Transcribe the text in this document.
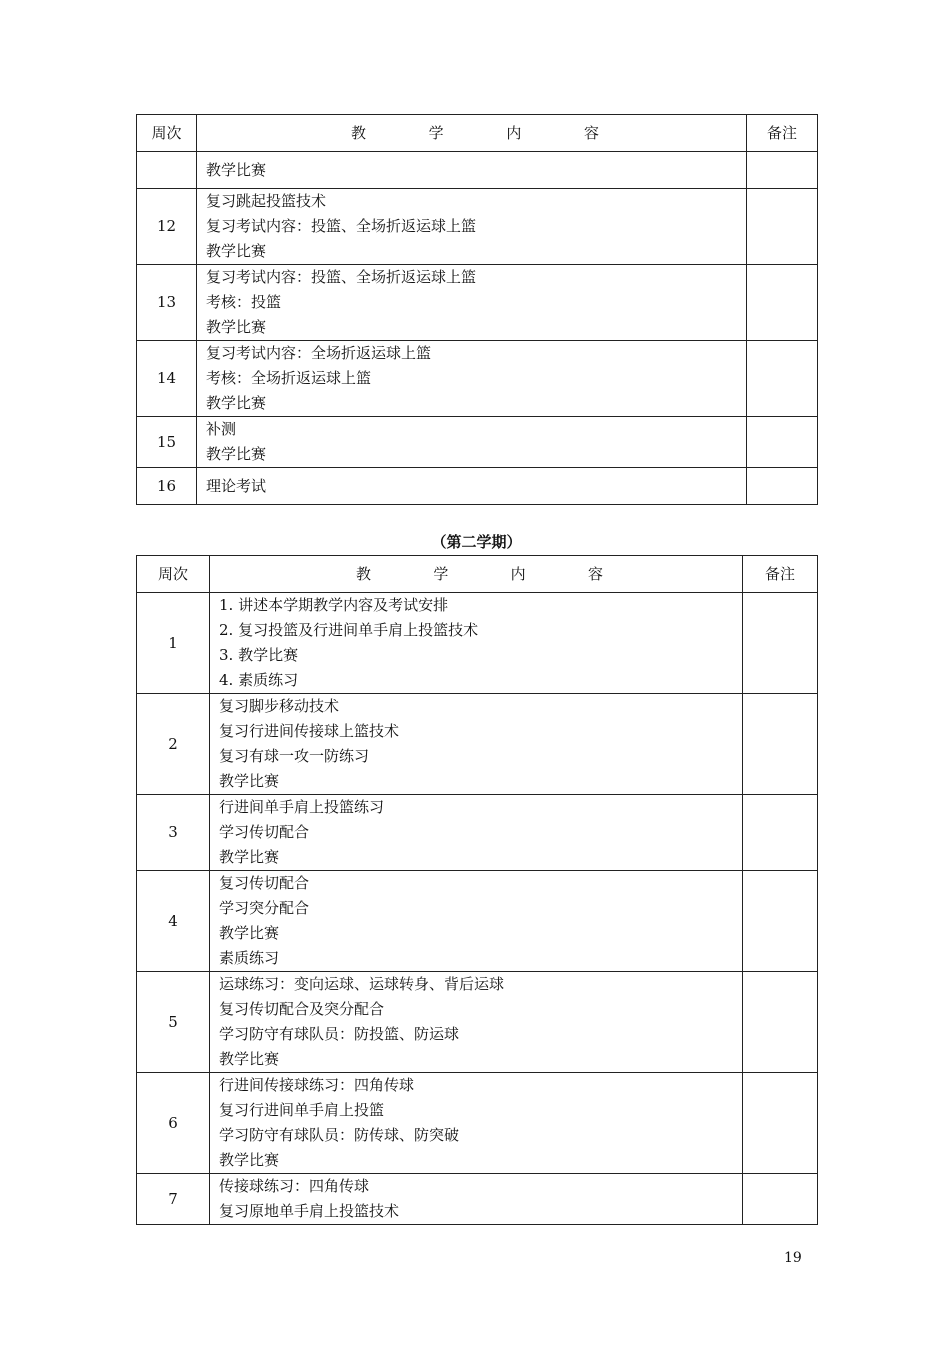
周次	教 学 内 容	备注

	教学比赛	

12	复习跳起投篮技术
复习考试内容：投篮、全场折返运球上篮
教学比赛	

13	复习考试内容：投篮、全场折返运球上篮
考核：投篮
教学比赛	

14	复习考试内容：全场折返运球上篮
考核：全场折返运球上篮
教学比赛	

15	补测
教学比赛	

16	理论考试	

（第二学期）
周次	教 学 内 容	备注
1	1. 讲述本学期教学内容及考试安排
2. 复习投篮及行进间单手肩上投篮技术
3. 教学比赛
4. 素质练习	

2	复习脚步移动技术
复习行进间传接球上篮技术
复习有球一攻一防练习
教学比赛	

3	行进间单手肩上投篮练习
学习传切配合
教学比赛	

4	复习传切配合
学习突分配合
教学比赛
素质练习	

5	运球练习：变向运球、运球转身、背后运球
复习传切配合及突分配合
学习防守有球队员：防投篮、防运球
教学比赛	

6	行进间传接球练习：四角传球
复习行进间单手肩上投篮
学习防守有球队员：防传球、防突破
教学比赛	

7	传接球练习：四角传球
复习原地单手肩上投篮技术	

19
